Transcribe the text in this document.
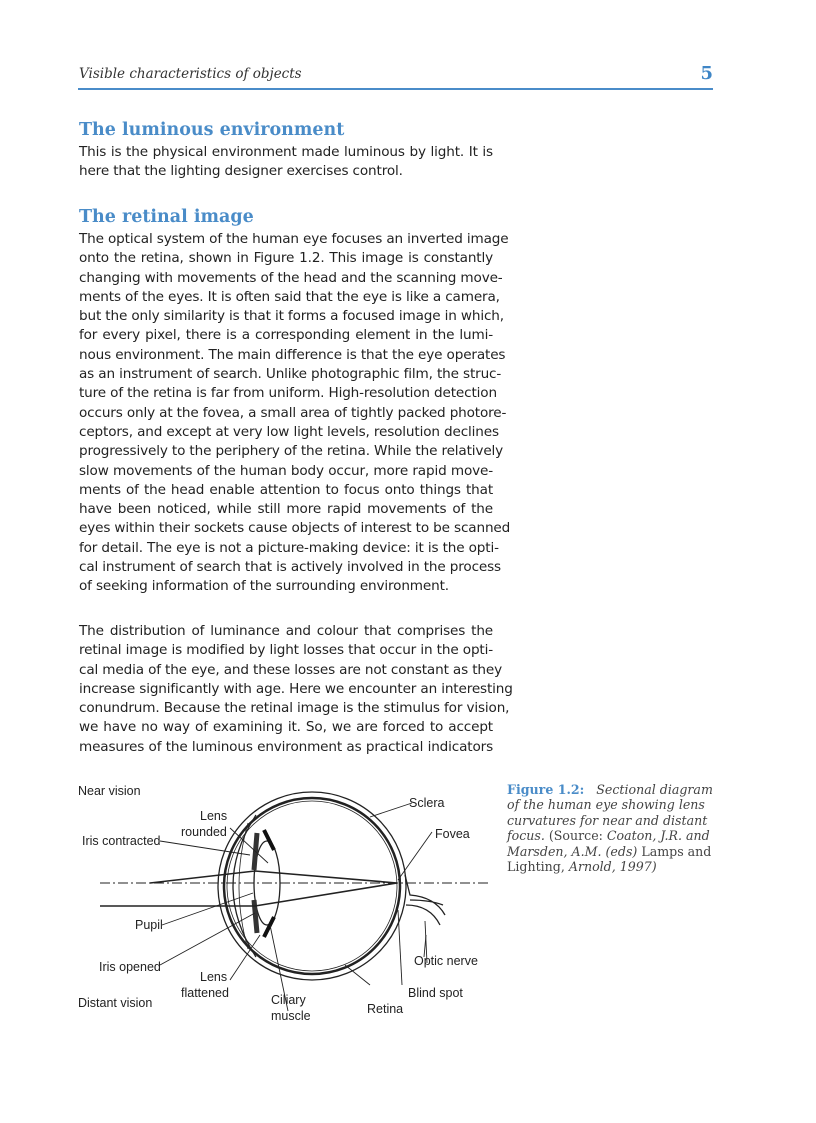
Visible characteristics of objects	5
The luminous environment
This is the physical environment made luminous by light. It is
here that the lighting designer exercises control.
The retinal image
The optical system of the human eye focuses an inverted image
onto the retina, shown in Figure 1.2. This image is constantly
changing with movements of the head and the scanning move-
ments of the eyes. It is often said that the eye is like a camera,
but the only similarity is that it forms a focused image in which,
for every pixel, there is a corresponding element in the lumi-
nous environment. The main difference is that the eye operates
as an instrument of search. Unlike photographic film, the struc-
ture of the retina is far from uniform. High-resolution detection
occurs only at the fovea, a small area of tightly packed photore-
ceptors, and except at very low light levels, resolution declines
progressively to the periphery of the retina. While the relatively
slow movements of the human body occur, more rapid move-
ments of the head enable attention to focus onto things that
have been noticed, while still more rapid movements of the
eyes within their sockets cause objects of interest to be scanned
for detail. The eye is not a picture-making device: it is the opti-
cal instrument of search that is actively involved in the process
of seeking information of the surrounding environment.
The distribution of luminance and colour that comprises the
retinal image is modified by light losses that occur in the opti-
cal media of the eye, and these losses are not constant as they
increase significantly with age. Here we encounter an interesting
conundrum. Because the retinal image is the stimulus for vision,
we have no way of examining it. So, we are forced to accept
measures of the luminous environment as practical indicators
Near vision
Lens
rounded
Iris contracted
Sclera
Fovea
Pupil
Iris opened	Optic nerve
Lens
flattened
Distant vision	Ciliary
muscle
Blind spot
Retina
Figure 1.2: Sectional diagram of the human eye showing lens curvatures for near and distant focus. (Source: Coaton, J.R. and Marsden, A.M. (eds) Lamps and Lighting, Arnold, 1997)
